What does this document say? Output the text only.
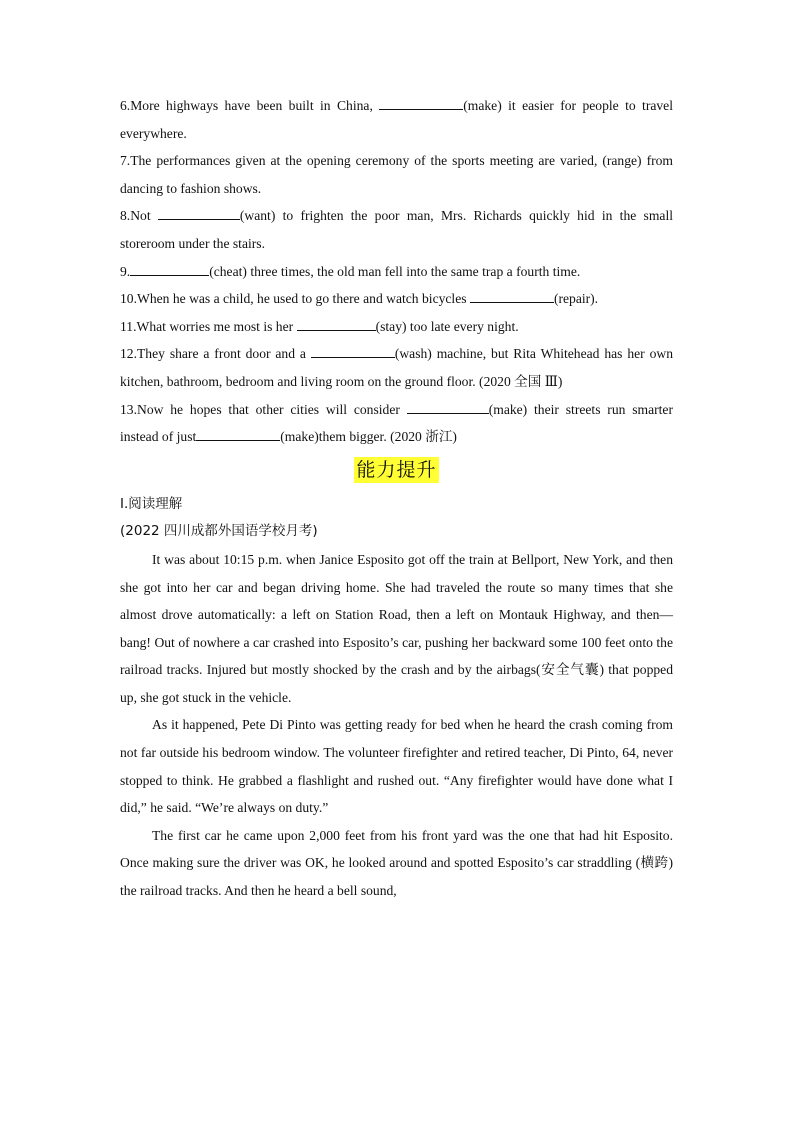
6.More highways have been built in China,	(make) it easier for people to travel everywhere.

7.The performances given at the opening ceremony of the sports meeting are varied, (range) from dancing to fashion shows.

8.Not	(want) to frighten the poor man, Mrs. Richards quickly hid in the small storeroom under the stairs.

9.	(cheat) three times, the old man fell into the same trap a fourth time.

10.When he was a child, he used to go there and watch bicycles	(repair).

11.What worries me most is her	(stay) too late every night.

12.They share a front door and a	(wash) machine, but Rita Whitehead has her own kitchen, bathroom, bedroom and living room on the ground floor. (2020 全国 Ⅲ)

13.Now he hopes that other cities will consider	(make) their streets run smarter instead of just	(make)them bigger. (2020 浙江)

能力提升

Ⅰ.阅读理解

(2022 四川成都外国语学校月考)

It was about 10:15 p.m. when Janice Esposito got off the train at Bellport, New York, and then she got into her car and began driving home. She had traveled the route so many times that she almost drove automatically: a left on Station Road, then a left on Montauk Highway, and then—bang! Out of nowhere a car crashed into Esposito’s car, pushing her backward some 100 feet onto the railroad tracks. Injured but mostly shocked by the crash and by the airbags(安全气囊) that popped up, she got stuck in the vehicle.

As it happened, Pete Di Pinto was getting ready for bed when he heard the crash coming from not far outside his bedroom window. The volunteer firefighter and retired teacher, Di Pinto, 64, never stopped to think. He grabbed a flashlight and rushed out. “Any firefighter would have done what I did,” he said. “We’re always on duty.”

The first car he came upon 2,000 feet from his front yard was the one that had hit Esposito. Once making sure the driver was OK, he looked around and spotted Esposito’s car straddling (横跨) the railroad tracks. And then he heard a bell sound,
